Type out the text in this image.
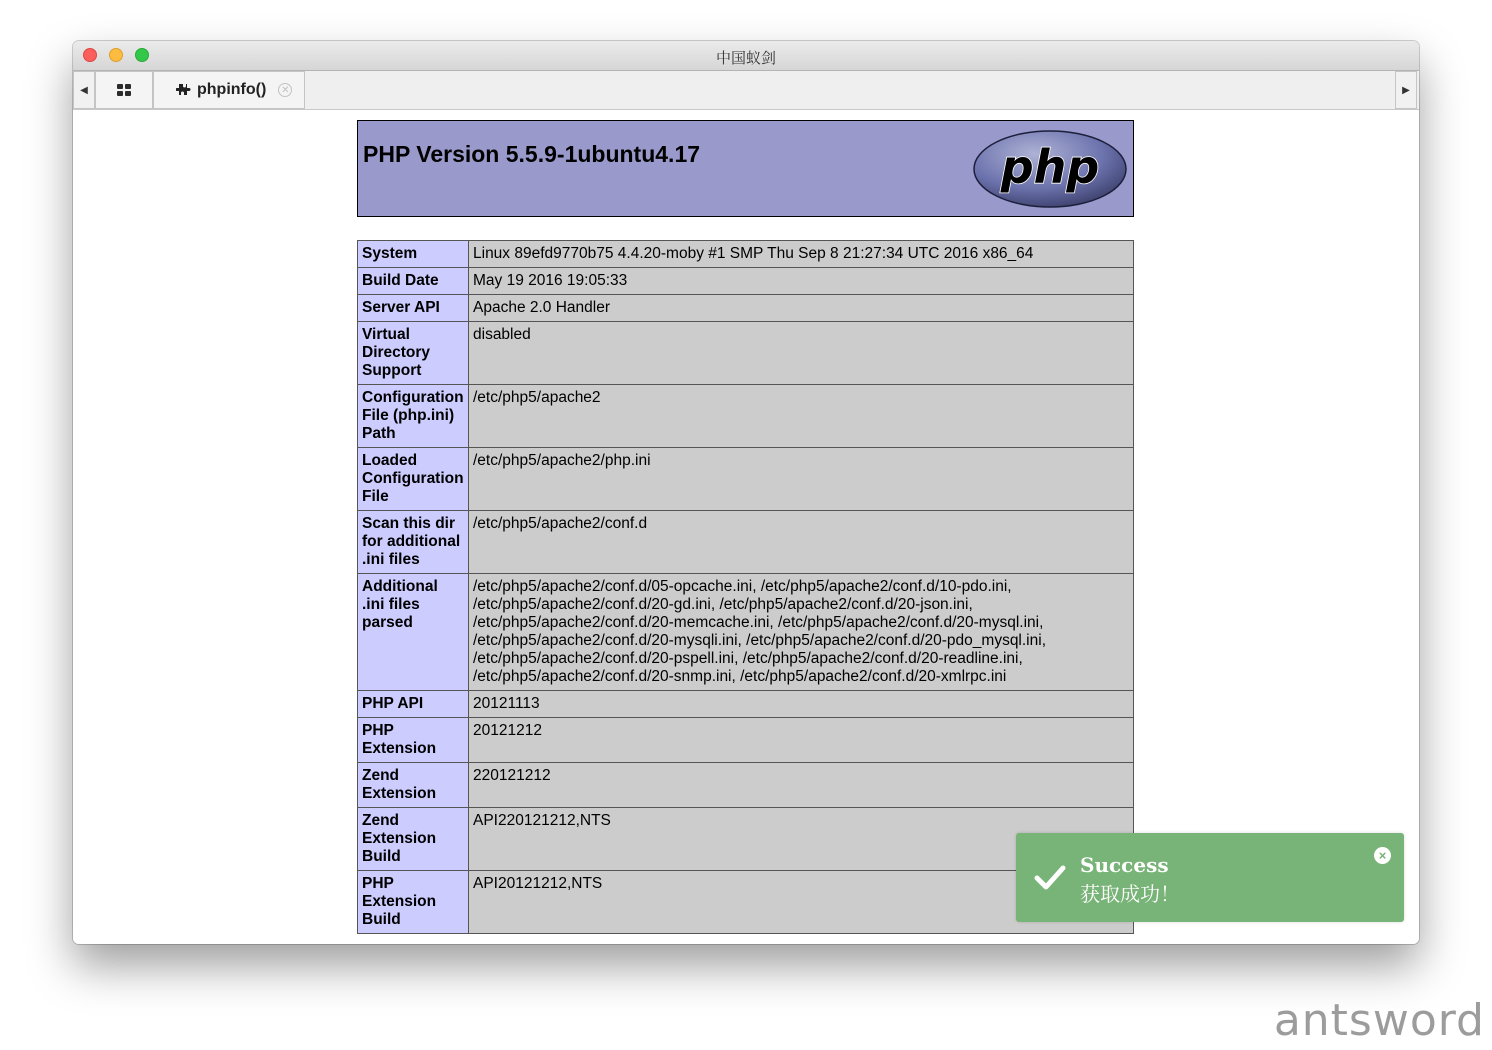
中国蚁剑
◀	phpinfo() ✕	▶
PHP Version 5.5.9-1ubuntu4.17	php
System	Linux 89efd9770b75 4.4.20-moby #1 SMP Thu Sep 8 21:27:34 UTC 2016 x86_64
Build Date	May 19 2016 19:05:33
Server API	Apache 2.0 Handler
Virtual Directory Support	disabled
Configuration File (php.ini) Path	/etc/php5/apache2
Loaded Configuration File	/etc/php5/apache2/php.ini
Scan this dir for additional .ini files	/etc/php5/apache2/conf.d
Additional .ini files parsed	/etc/php5/apache2/conf.d/05-opcache.ini, /etc/php5/apache2/conf.d/10-pdo.ini, /etc/php5/apache2/conf.d/20-gd.ini, /etc/php5/apache2/conf.d/20-json.ini, /etc/php5/apache2/conf.d/20-memcache.ini, /etc/php5/apache2/conf.d/20-mysql.ini, /etc/php5/apache2/conf.d/20-mysqli.ini, /etc/php5/apache2/conf.d/20-pdo_mysql.ini, /etc/php5/apache2/conf.d/20-pspell.ini, /etc/php5/apache2/conf.d/20-readline.ini, /etc/php5/apache2/conf.d/20-snmp.ini, /etc/php5/apache2/conf.d/20-xmlrpc.ini
PHP API	20121113
PHP Extension	20121212
Zend Extension	220121212
Zend Extension Build	API220121212,NTS
PHP Extension Build	API20121212,NTS
Success
获取成功！
×
antsword
